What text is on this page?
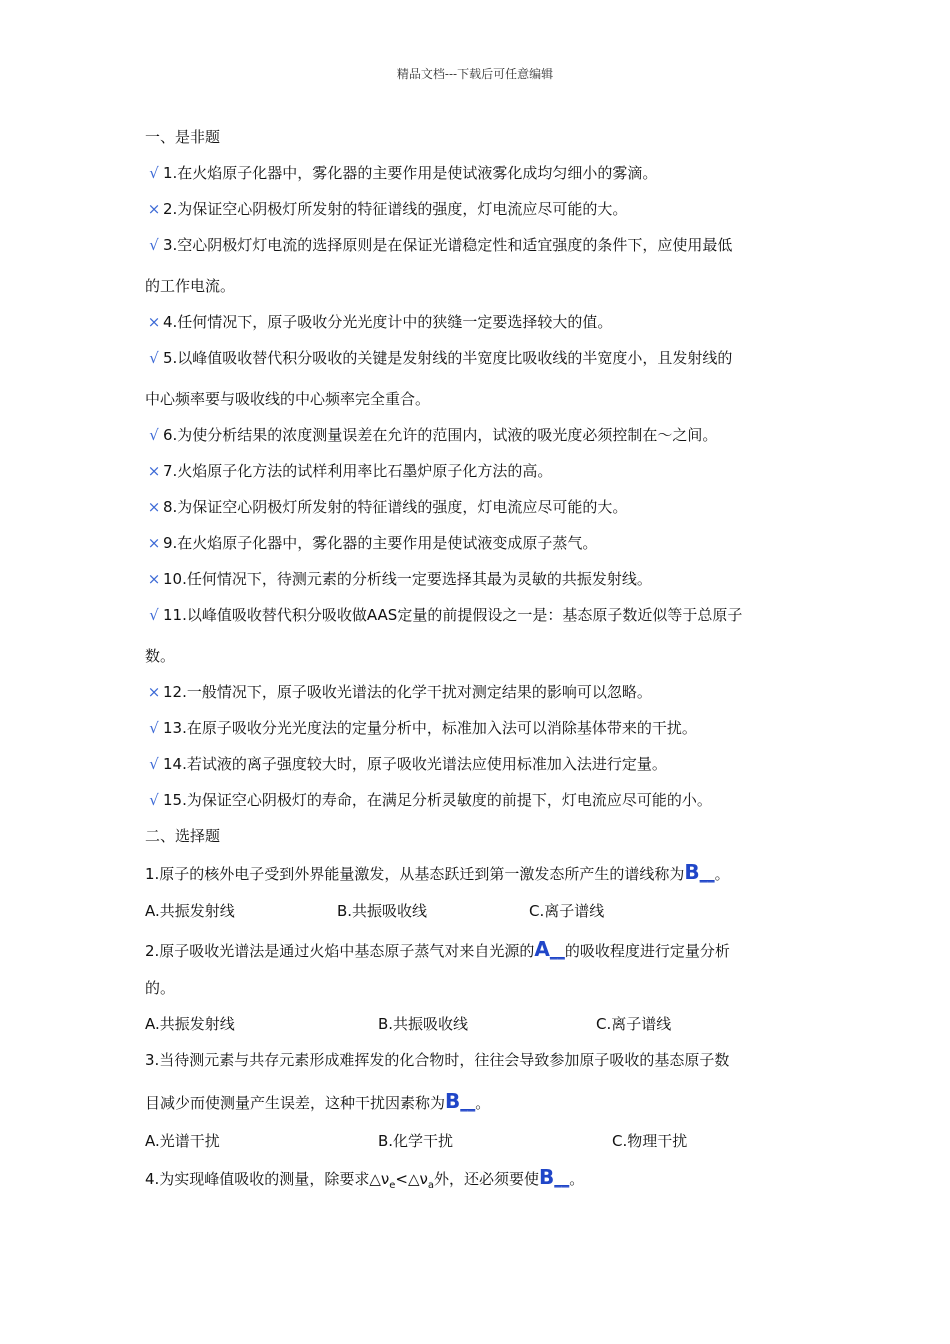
精品文档---下载后可任意编辑
一、是非题
√ 1.在火焰原子化器中，雾化器的主要作用是使试液雾化成均匀细小的雾滴。
× 2.为保证空心阴极灯所发射的特征谱线的强度，灯电流应尽可能的大。
√ 3.空心阴极灯灯电流的选择原则是在保证光谱稳定性和适宜强度的条件下，应使用最低
的工作电流。
× 4.任何情况下，原子吸收分光光度计中的狭缝一定要选择较大的值。
√ 5.以峰值吸收替代积分吸收的关键是发射线的半宽度比吸收线的半宽度小，且发射线的
中心频率要与吸收线的中心频率完全重合。
√ 6.为使分析结果的浓度测量误差在允许的范围内，试液的吸光度必须控制在～之间。
× 7.火焰原子化方法的试样利用率比石墨炉原子化方法的高。
× 8.为保证空心阴极灯所发射的特征谱线的强度，灯电流应尽可能的大。
× 9.在火焰原子化器中，雾化器的主要作用是使试液变成原子蒸气。
× 10.任何情况下，待测元素的分析线一定要选择其最为灵敏的共振发射线。
√ 11.以峰值吸收替代积分吸收做AAS定量的前提假设之一是：基态原子数近似等于总原子
数。
× 12.一般情况下，原子吸收光谱法的化学干扰对测定结果的影响可以忽略。
√ 13.在原子吸收分光光度法的定量分析中，标准加入法可以消除基体带来的干扰。
√ 14.若试液的离子强度较大时，原子吸收光谱法应使用标准加入法进行定量。
√ 15.为保证空心阴极灯的寿命，在满足分析灵敏度的前提下，灯电流应尽可能的小。
二、选择题
1.原子的核外电子受到外界能量激发，从基态跃迁到第一激发态所产生的谱线称为B__。
A.共振发射线	B.共振吸收线	C.离子谱线
2.原子吸收光谱法是通过火焰中基态原子蒸气对来自光源的A__的吸收程度进行定量分析
的。
A.共振发射线	B.共振吸收线	C.离子谱线
3.当待测元素与共存元素形成难挥发的化合物时，往往会导致参加原子吸收的基态原子数
目减少而使测量产生误差，这种干扰因素称为B__。
A.光谱干扰	B.化学干扰	C.物理干扰
4.为实现峰值吸收的测量，除要求$\triangle\nu_e<\triangle\nu_a$外，还必须要使B__。
